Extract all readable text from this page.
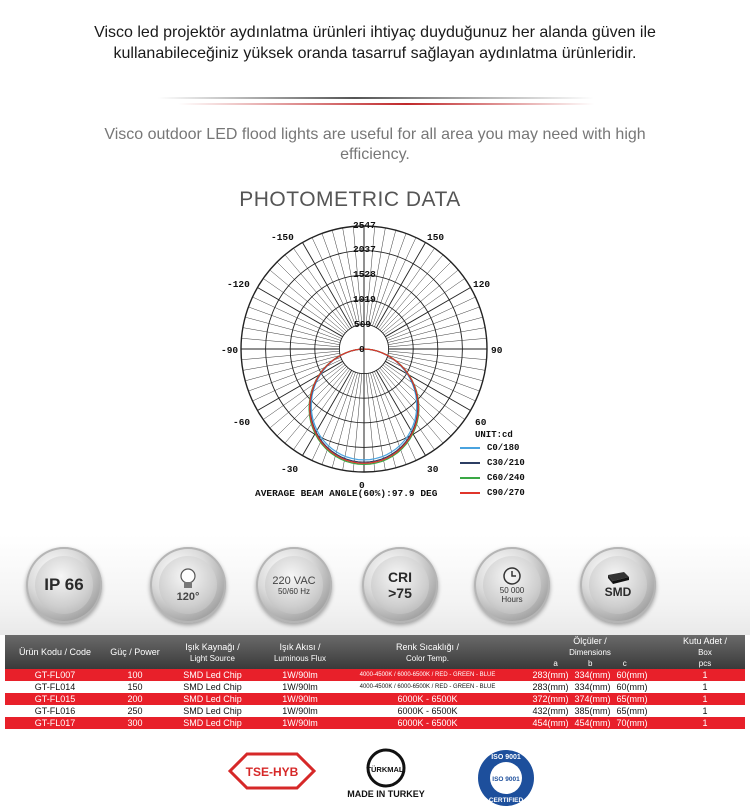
Visco led projektör aydınlatma ürünleri ihtiyaç duyduğunuz her alanda güven ile
kullanabileceğiniz yüksek oranda tasarruf sağlayan aydınlatma ürünleridir.
Visco outdoor LED flood lights are useful for all area you may need with high
efficiency.
PHOTOMETRIC DATA
2547
2037
1528
1019
509
0
-150	150
-120	120
-90	90
-60	60
-30	30
0
UNIT:cd
C0/180
C30/210
C60/240
C90/270
AVERAGE BEAM ANGLE(60%):97.9 DEG
IP 66
120°
220 VAC
50/60 Hz
CRI
>75	50 000
Hours
SMD
Ürün Kodu / Code	Güç / Power	Işık Kaynağı /
Light Source	Işık Akısı /
Luminous Flux	Renk Sıcaklığı /
Color Temp.	Ölçüler /
Dimensions
a b c	Kutu Adet /
Box
pcs

GT-FL007	100	SMD Led Chip	1W/90lm	4000-4500K / 6000-6500K / RED - GREEN - BLUE	283(mm) 334(mm) 60(mm)	1
GT-FL014	150	SMD Led Chip	1W/90lm	4000-4500K / 6000-6500K / RED - GREEN - BLUE	283(mm) 334(mm) 60(mm)	1
GT-FL015	200	SMD Led Chip	1W/90lm	6000K - 6500K	372(mm) 374(mm) 65(mm)	1
GT-FL016	250	SMD Led Chip	1W/90lm	6000K - 6500K	432(mm) 385(mm) 65(mm)	1
GT-FL017	300	SMD Led Chip	1W/90lm	6000K - 6500K	454(mm) 454(mm) 70(mm)	1
TSE-HYB	TÜRKMALI
MADE IN TURKEY
ISO 9001
ISO 9001
CERTIFIED
